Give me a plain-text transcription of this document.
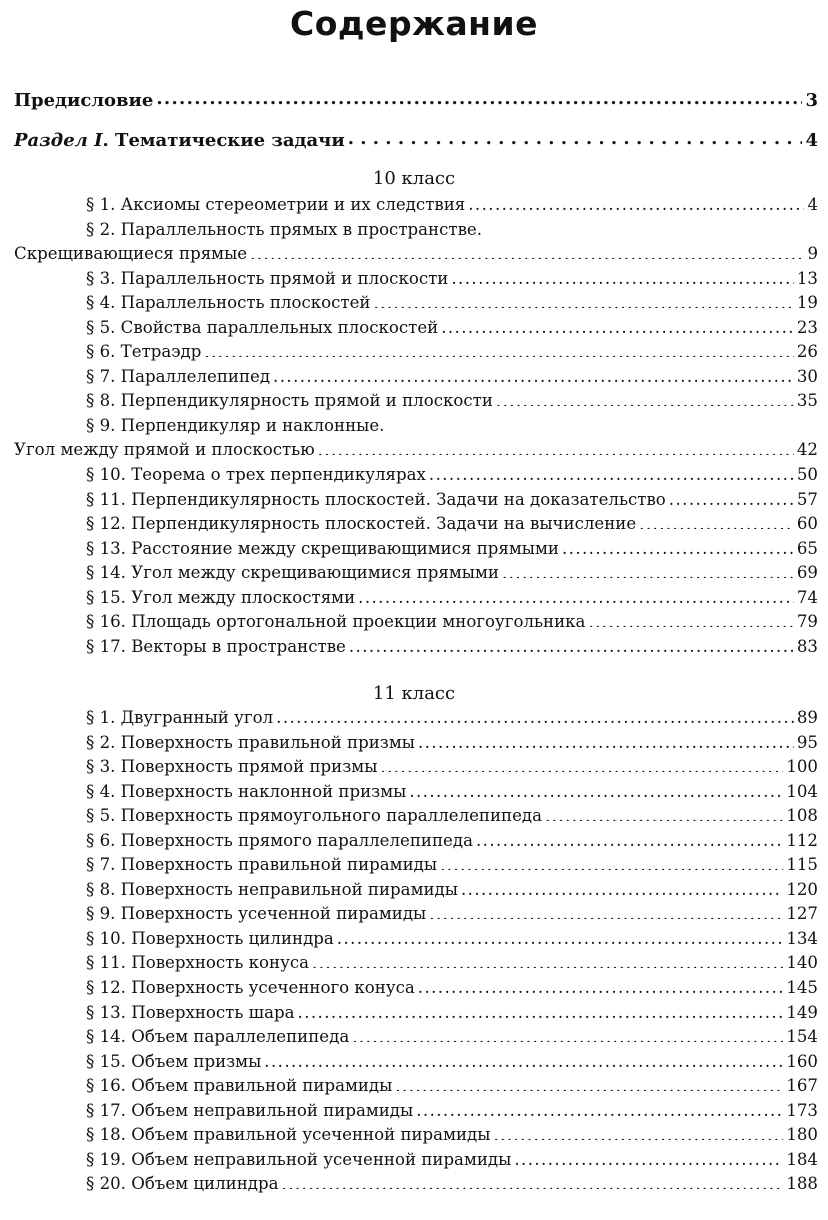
Содержание
Предисловие .....	3
Раздел I. Тематические задачи . . .	4
10 класс
§ 1. Аксиомы стереометрии и их следствия .....	4
§ 2. Параллельность прямых в пространстве.
Скрещивающиеся прямые .....	9
§ 3. Параллельность прямой и плоскости .....	13
§ 4. Параллельность плоскостей .....	19
§ 5. Свойства параллельных плоскостей .....	23
§ 6. Тетраэдр .....	26
§ 7. Параллелепипед .....	30
§ 8. Перпендикулярность прямой и плоскости .....	35
§ 9. Перпендикуляр и наклонные.
Угол между прямой и плоскостью .....	42
§ 10. Теорема о трех перпендикулярах .....	50
§ 11. Перпендикулярность плоскостей. Задачи на доказательство .....	57
§ 12. Перпендикулярность плоскостей. Задачи на вычисление .....	60
§ 13. Расстояние между скрещивающимися прямыми .....	65
§ 14. Угол между скрещивающимися прямыми .....	69
§ 15. Угол между плоскостями .....	74
§ 16. Площадь ортогональной проекции многоугольника .....	79
§ 17. Векторы в пространстве .....	83
11 класс
§ 1. Двугранный угол .....	89
§ 2. Поверхность правильной призмы .....	95
§ 3. Поверхность прямой призмы .....	100
§ 4. Поверхность наклонной призмы .....	104
§ 5. Поверхность прямоугольного параллелепипеда .....	108
§ 6. Поверхность прямого параллелепипеда .....	112
§ 7. Поверхность правильной пирамиды .....	115
§ 8. Поверхность неправильной пирамиды .....	120
§ 9. Поверхность усеченной пирамиды .....	127
§ 10. Поверхность цилиндра .....	134
§ 11. Поверхность конуса .....	140
§ 12. Поверхность усеченного конуса .....	145
§ 13. Поверхность шара .....	149
§ 14. Объем параллелепипеда .....	154
§ 15. Объем призмы .....	160
§ 16. Объем правильной пирамиды .....	167
§ 17. Объем неправильной пирамиды .....	173
§ 18. Объем правильной усеченной пирамиды .....	180
§ 19. Объем неправильной усеченной пирамиды .....	184
§ 20. Объем цилиндра .....	188
